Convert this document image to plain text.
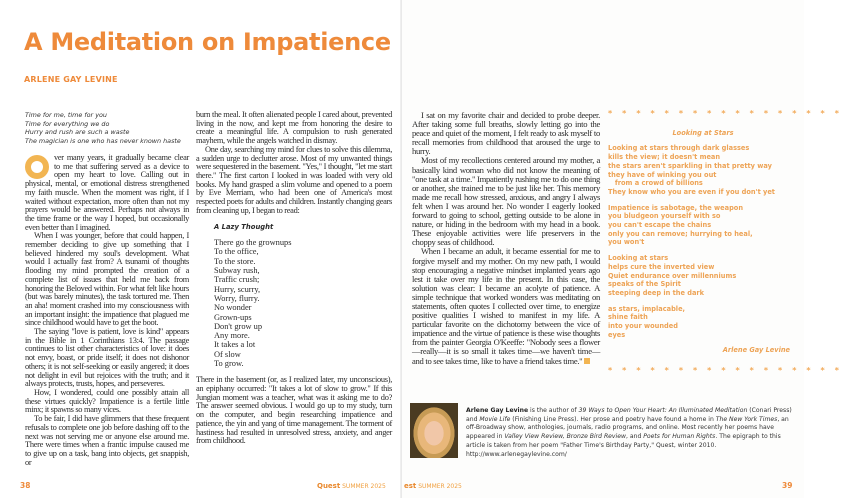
A Meditation on Impatience
ARLENE GAY LEVINE
Time for me, time for you
Time for everything we do
Hurry and rush are such a waste
The magician is one who has never known haste

ver many years, it gradually became clear to me that suffering served as a device to open my heart to love. Calling out in physical, mental, or emotional distress strengthened my faith muscle. When the moment was right, if I waited without expectation, more often than not my prayers would be answered. Perhaps not always in the time frame or the way I hoped, but occasionally even better than I imagined.

When I was younger, before that could happen, I remember deciding to give up something that I believed hindered my soul's development. What would I actually fast from? A tsunami of thoughts flooding my mind prompted the creation of a complete list of issues that held me back from honoring the Beloved within. For what felt like hours (but was barely minutes), the task tortured me. Then an aha! moment crashed into my consciousness with an important insight: the impatience that plagued me since childhood would have to get the boot.

The saying "love is patient, love is kind" appears in the Bible in 1 Corinthians 13:4. The passage continues to list other characteristics of love: it does not envy, boast, or pride itself; it does not dishonor others; it is not self-seeking or easily angered; it does not delight in evil but rejoices with the truth; and it always protects, trusts, hopes, and perseveres.

How, I wondered, could one possibly attain all these virtues quickly? Impatience is a fertile little minx; it spawns so many vices.

To be fair, I did have glimmers that these frequent refusals to complete one job before dashing off to the next was not serving me or anyone else around me. There were times when a frantic impulse caused me to give up on a task, bang into objects, get snappish, or

burn the meal. It often alienated people I cared about, prevented living in the now, and kept me from honoring the desire to create a meaningful life. A compulsion to rush generated mayhem, while the angels watched in dismay.

One day, searching my mind for clues to solve this dilemma, a sudden urge to declutter arose. Most of my unwanted things were sequestered in the basement. "Yes," I thought, "let me start there." The first carton I looked in was loaded with very old books. My hand grasped a slim volume and opened to a poem by Eve Merriam, who had been one of America's most respected poets for adults and children. Instantly changing gears from cleaning up, I began to read:

A Lazy Thought
There go the grownups
To the office,
To the store.
Subway rush,
Traffic crush;
Hurry, scurry,
Worry, flurry.
No wonder
Grown-ups
Don't grow up
Any more.
It takes a lot
Of slow
To grow.

There in the basement (or, as I realized later, my unconscious), an epiphany occurred: "It takes a lot of slow to grow." If this Jungian moment was a teacher, what was it asking me to do? The answer seemed obvious. I would go up to my study, turn on the computer, and begin researching impatience and patience, the yin and yang of time management. The torment of hastiness had resulted in unresolved stress, anxiety, and anger from childhood.

38	Quest SUMMER 2025

I sat on my favorite chair and decided to probe deeper. After taking some full breaths, slowly letting go into the peace and quiet of the moment, I felt ready to ask myself to recall memories from childhood that aroused the urge to hurry.

Most of my recollections centered around my mother, a basically kind woman who did not know the meaning of "one task at a time." Impatiently rushing me to do one thing or another, she trained me to be just like her. This memory made me recall how stressed, anxious, and angry I always felt when I was around her. No wonder I eagerly looked forward to going to school, getting outside to be alone in nature, or hiding in the bedroom with my head in a book. These enjoyable activities were life preservers in the choppy seas of childhood.

When I became an adult, it became essential for me to forgive myself and my mother. On my new path, I would stop encouraging a negative mindset implanted years ago lest it take over my life in the present. In this case, the solution was clear: I became an acolyte of patience. A simple technique that worked wonders was meditating on statements, often quotes I collected over time, to energize positive qualities I wished to manifest in my life. A particular favorite on the dichotomy between the vice of impatience and the virtue of patience is these wise thoughts from the painter Georgia O'Keeffe: "Nobody sees a flower—really—it is so small it takes time—we haven't time—and to see takes time, like to have a friend takes time."

* * * * * * * * * * * * * * * * *
Looking at Stars
Looking at stars through dark glasses
kills the view; it doesn't mean
the stars aren't sparkling in that pretty way
they have of winking you out
from a crowd of billions
They know who you are even if you don't yet
Impatience is sabotage, the weapon
you bludgeon yourself with so
you can't escape the chains
only you can remove; hurrying to heal,
you won't
Looking at stars
helps cure the inverted view
Quiet endurance over millenniums
speaks of the Spirit
steeping deep in the dark
as stars, implacable,
shine faith
into your wounded
eyes
Arlene Gay Levine
* * * * * * * * * * * * * * * * *
Arlene Gay Levine is the author of 39 Ways to Open Your Heart: An Illuminated Meditation (Conari Press) and Movie Life (Finishing Line Press). Her prose and poetry have found a home in The New York Times, an off-Broadway show, anthologies, journals, radio programs, and online. Most recently her poems have appeared in Valley View Review, Bronze Bird Review, and Poets for Human Rights. The epigraph to this article is taken from her poem "Father Time's Birthday Party," Quest, winter 2010. http://www.arlenegaylevine.com/
est SUMMER 2025	39
